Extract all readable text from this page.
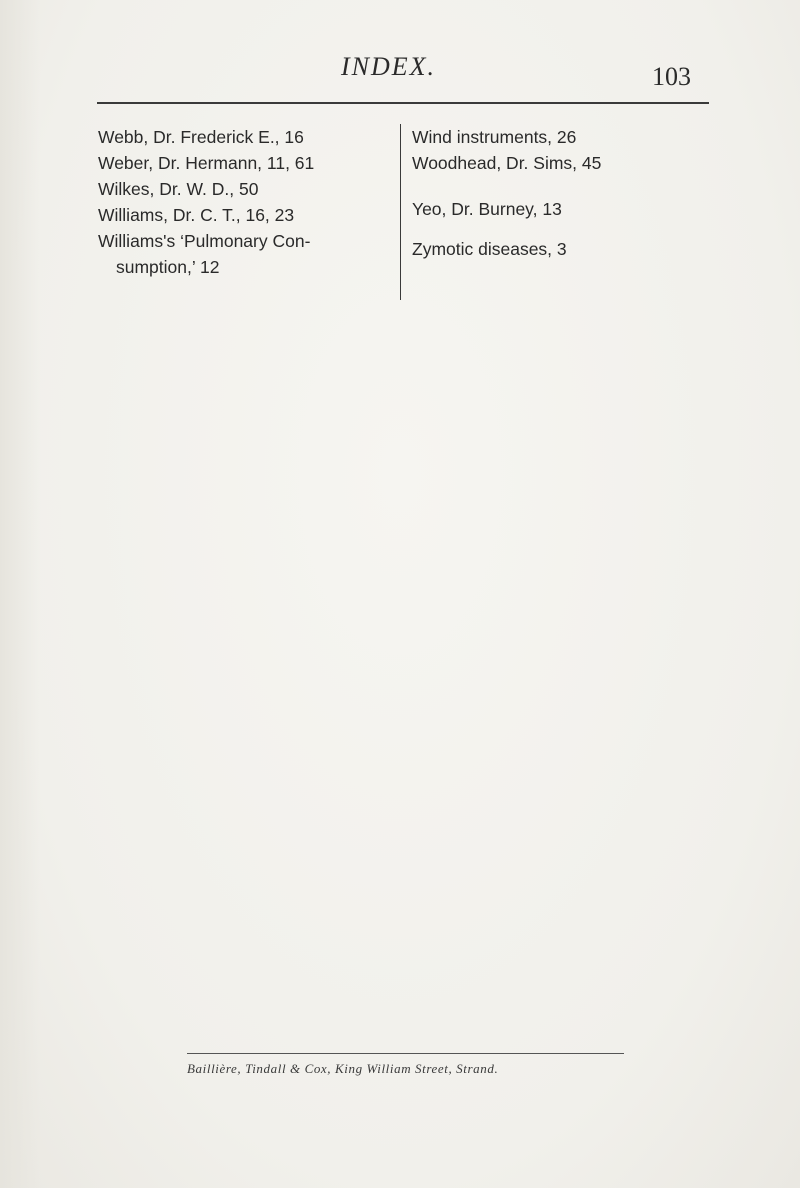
INDEX.	103
Webb, Dr. Frederick E., 16
Weber, Dr. Hermann, 11, 61
Wilkes, Dr. W. D., 50
Williams, Dr. C. T., 16, 23
Williams's ‘Pulmonary Con-
sumption,’ 12
Wind instruments, 26
Woodhead, Dr. Sims, 45
Yeo, Dr. Burney, 13
Zymotic diseases, 3
Baillière, Tindall & Cox, King William Street, Strand.
